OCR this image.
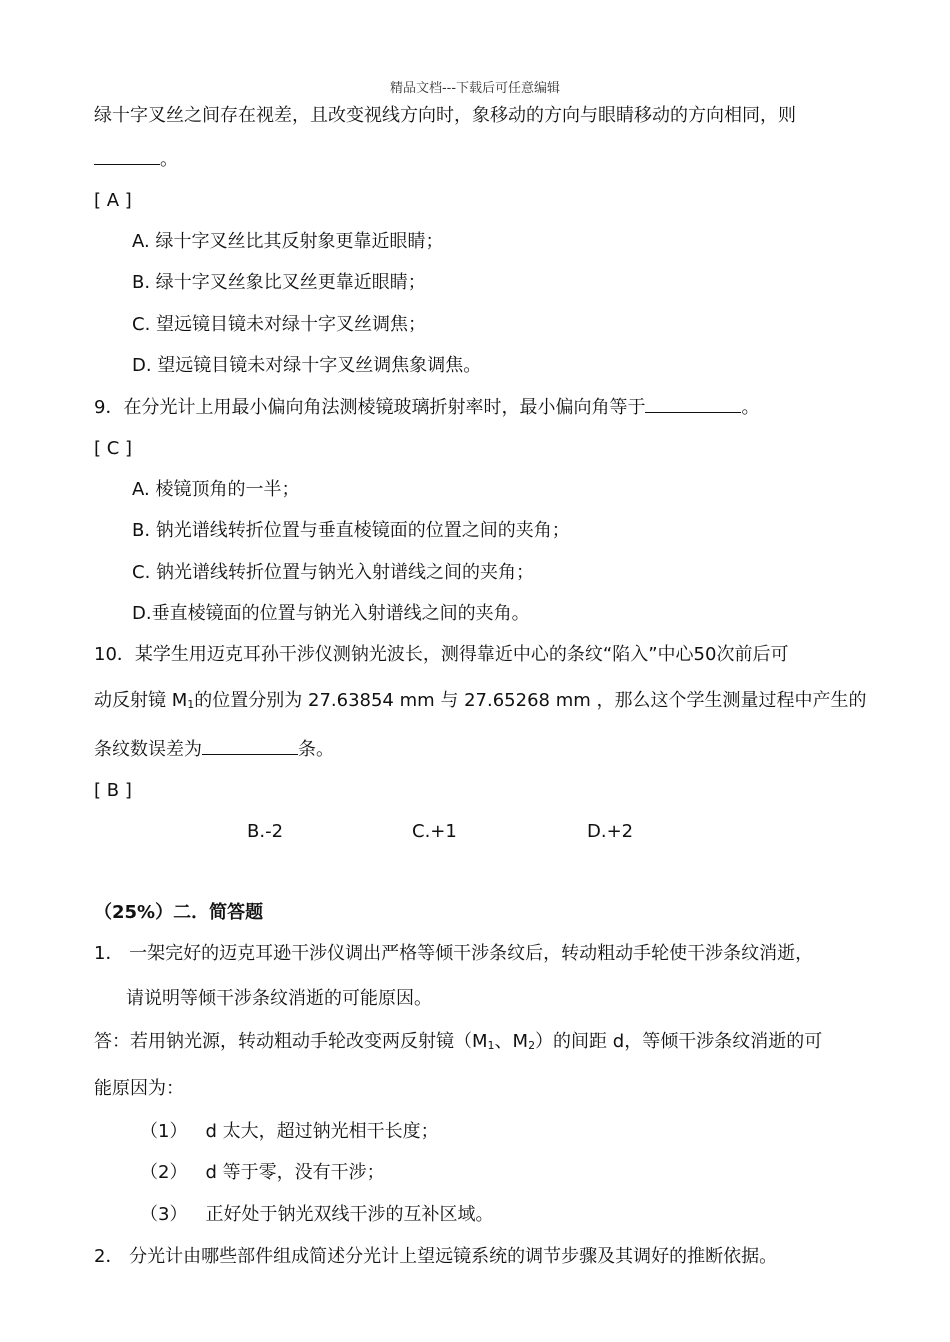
精品文档---下载后可任意编辑
绿十字叉丝之间存在视差，且改变视线方向时，象移动的方向与眼睛移动的方向相同，则
。
[ A ]
A. 绿十字叉丝比其反射象更靠近眼睛；
B. 绿十字叉丝象比叉丝更靠近眼睛；
C. 望远镜目镜未对绿十字叉丝调焦；
D. 望远镜目镜未对绿十字叉丝调焦象调焦。
9．在分光计上用最小偏向角法测棱镜玻璃折射率时，最小偏向角等于	。
[ C ]
A. 棱镜顶角的一半；
B. 钠光谱线转折位置与垂直棱镜面的位置之间的夹角；
C. 钠光谱线转折位置与钠光入射谱线之间的夹角；
D.垂直棱镜面的位置与钠光入射谱线之间的夹角。
10．某学生用迈克耳孙干涉仪测钠光波长，测得靠近中心的条纹“陷入”中心50次前后可
动反射镜 $M_1$的位置分别为 27.63854 mm 与 27.65268 mm ，那么这个学生测量过程中产生的
条纹数误差为	条。
[ B ]
B.-2	C.+1	D.+2
（25%）二．简答题
1． 一架完好的迈克耳逊干涉仪调出严格等倾干涉条纹后，转动粗动手轮使干涉条纹消逝，
请说明等倾干涉条纹消逝的可能原因。
答：若用钠光源，转动粗动手轮改变两反射镜（$M_1$、$M_2$）的间距 d，等倾干涉条纹消逝的可
能原因为：
（1） d 太大，超过钠光相干长度；
（2） d 等于零，没有干涉；
（3） 正好处于钠光双线干涉的互补区域。
2． 分光计由哪些部件组成简述分光计上望远镜系统的调节步骤及其调好的推断依据。
